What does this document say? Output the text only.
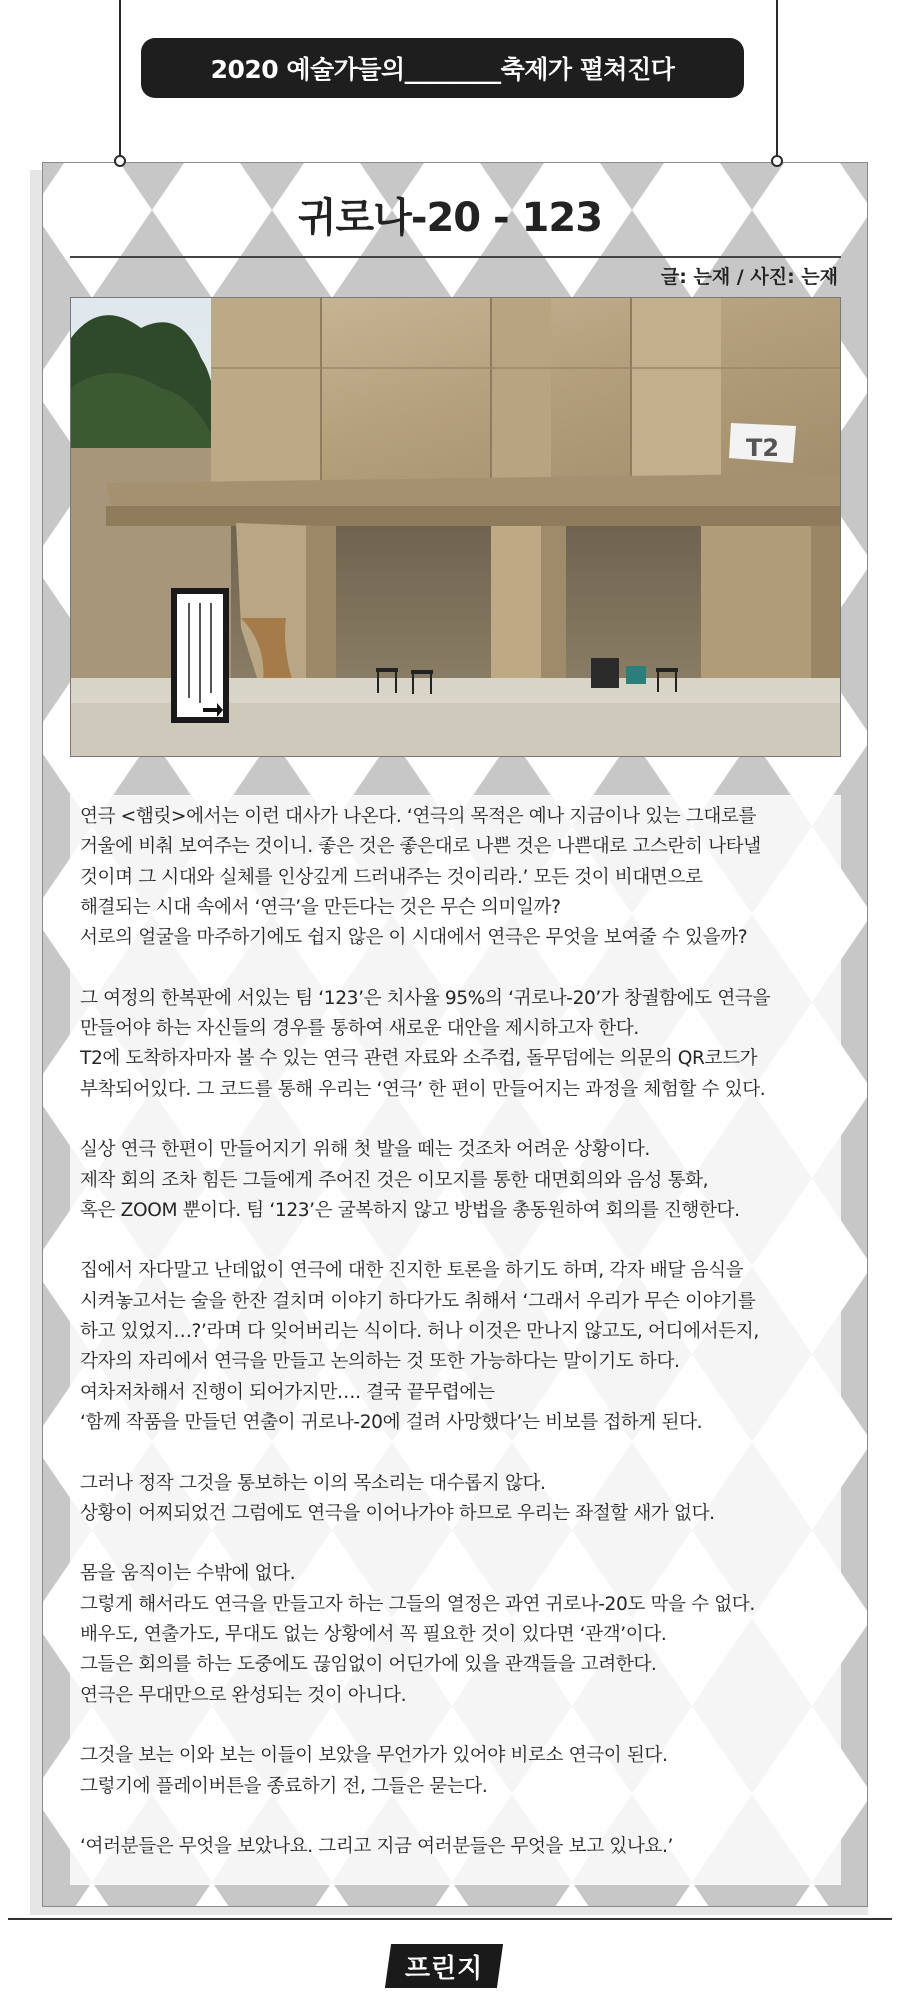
2020 예술가들의________축제가 펼쳐진다
귀로나-20 - 123
글: 는재 / 사진: 는재
T2

연극 <햄릿>에서는 이런 대사가 나온다. ‘연극의 목적은 예나 지금이나 있는 그대로를
거울에 비춰 보여주는 것이니. 좋은 것은 좋은대로 나쁜 것은 나쁜대로 고스란히 나타낼
것이며 그 시대와 실체를 인상깊게 드러내주는 것이리라.’ 모든 것이 비대면으로
해결되는 시대 속에서 ‘연극’을 만든다는 것은 무슨 의미일까?
서로의 얼굴을 마주하기에도 쉽지 않은 이 시대에서 연극은 무엇을 보여줄 수 있을까?

그 여정의 한복판에 서있는 팀 ‘123’은 치사율 95%의 ‘귀로나-20’가 창궐함에도 연극을
만들어야 하는 자신들의 경우를 통하여 새로운 대안을 제시하고자 한다.
T2에 도착하자마자 볼 수 있는 연극 관련 자료와 소주컵, 돌무덤에는 의문의 QR코드가
부착되어있다. 그 코드를 통해 우리는 ‘연극’ 한 편이 만들어지는 과정을 체험할 수 있다.

실상 연극 한편이 만들어지기 위해 첫 발을 떼는 것조차 어려운 상황이다.
제작 회의 조차 힘든 그들에게 주어진 것은 이모지를 통한 대면회의와 음성 통화,
혹은 ZOOM 뿐이다. 팀 ‘123’은 굴복하지 않고 방법을 총동원하여 회의를 진행한다.

집에서 자다말고 난데없이 연극에 대한 진지한 토론을 하기도 하며, 각자 배달 음식을
시켜놓고서는 술을 한잔 걸치며 이야기 하다가도 취해서 ‘그래서 우리가 무슨 이야기를
하고 있었지…?’라며 다 잊어버리는 식이다. 허나 이것은 만나지 않고도, 어디에서든지,
각자의 자리에서 연극을 만들고 논의하는 것 또한 가능하다는 말이기도 하다.
여차저차해서 진행이 되어가지만…. 결국 끝무렵에는
‘함께 작품을 만들던 연출이 귀로나-20에 걸려 사망했다’는 비보를 접하게 된다.

그러나 정작 그것을 통보하는 이의 목소리는 대수롭지 않다.
상황이 어찌되었건 그럼에도 연극을 이어나가야 하므로 우리는 좌절할 새가 없다.

몸을 움직이는 수밖에 없다.
그렇게 해서라도 연극을 만들고자 하는 그들의 열정은 과연 귀로나-20도 막을 수 없다.
배우도, 연출가도, 무대도 없는 상황에서 꼭 필요한 것이 있다면 ‘관객’이다.
그들은 회의를 하는 도중에도 끊임없이 어딘가에 있을 관객들을 고려한다.
연극은 무대만으로 완성되는 것이 아니다.

그것을 보는 이와 보는 이들이 보았을 무언가가 있어야 비로소 연극이 된다.
그렇기에 플레이버튼을 종료하기 전, 그들은 묻는다.

‘여러분들은 무엇을 보았나요. 그리고 지금 여러분들은 무엇을 보고 있나요.’

프린지
